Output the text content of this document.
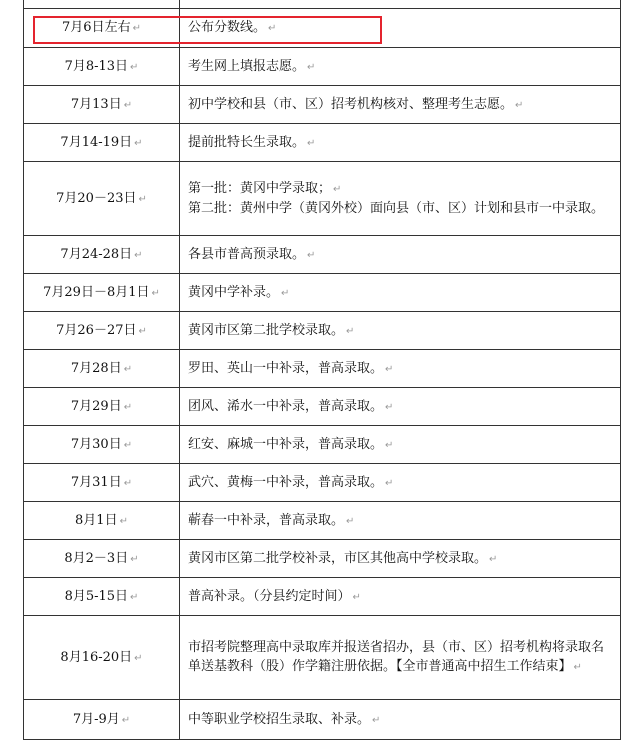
7月6日左右 ↵	公布分数线。 ↵
7月8-13日 ↵	考生网上填报志愿。 ↵
7月13日 ↵	初中学校和县（市、区）招考机构核对、整理考生志愿。 ↵
7月14-19日 ↵	提前批特长生录取。 ↵
7月20－23日 ↵	第一批：黄冈中学录取； ↵
第二批：黄州中学（黄冈外校）面向县（市、区）计划和县市一中录取。

7月24-28日 ↵	各县市普高预录取。 ↵
7月29日－8月1日 ↵	黄冈中学补录。 ↵
7月26－27日 ↵	黄冈市区第二批学校录取。 ↵
7月28日 ↵	罗田、英山一中补录，普高录取。 ↵
7月29日 ↵	团风、浠水一中补录，普高录取。 ↵
7月30日 ↵	红安、麻城一中补录，普高录取。 ↵
7月31日 ↵	武穴、黄梅一中补录，普高录取。 ↵
8月1日 ↵	蕲春一中补录，普高录取。 ↵
8月2－3日 ↵	黄冈市区第二批学校补录，市区其他高中学校录取。 ↵
8月5-15日 ↵	普高补录。（分县约定时间） ↵
8月16-20日 ↵	市招考院整理高中录取库并报送省招办，县（市、区）招考机构将录取名单送基教科（股）作学籍注册依据。【全市普通高中招生工作结束】 ↵
7月-9月 ↵	中等职业学校招生录取、补录。 ↵
